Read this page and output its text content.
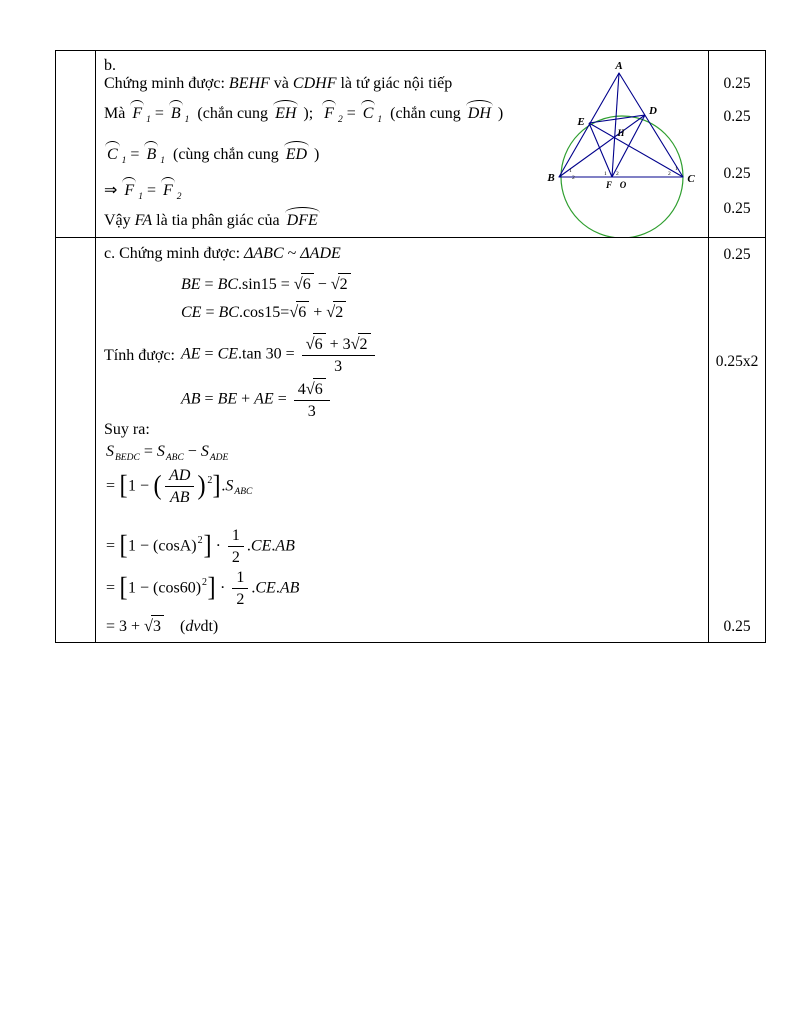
b.
Chứng minh được: BEHF và CDHF là tứ giác nội tiếp
Mà F $_1$ = B $_1$  (chắn cung EH );  F $_2$ = C $_1$  (chắn cung DH )
C $_1$ = B $_1$  (cùng chắn cung ED )
⇒ F $_1$ = F $_2$
Vậy FA là tia phân giác của DFE
A
B	C
D
E
F O
H
1
2
1 2	2
1
0.25
0.25
0.25
0.25
c. Chứng minh được: ΔABC ~ ΔADE
BE = BC.sin15 = √6 − √2
CE = BC.cos15=√6 + √2
Tính được: AE = CE.tan $30 = \frac{√6 + 3√2}{3}$
AB = BE + AE = $\frac{4√6}{3}$
Suy ra:
$S_{BEDC} = S_{ABC} - S_{ADE}$
= [1 − ( $\frac{AD}{AB} )^2].S_{ABC}$
= $[1 - (\cos A)^2] \cdot \frac{1}{2} .CE.AB$
= $[1 - (\cos 60)^2] \cdot \frac{1}{2} .CE.AB$
= 3 + √3    (dvdt)
0.25
0.25x2
0.25
